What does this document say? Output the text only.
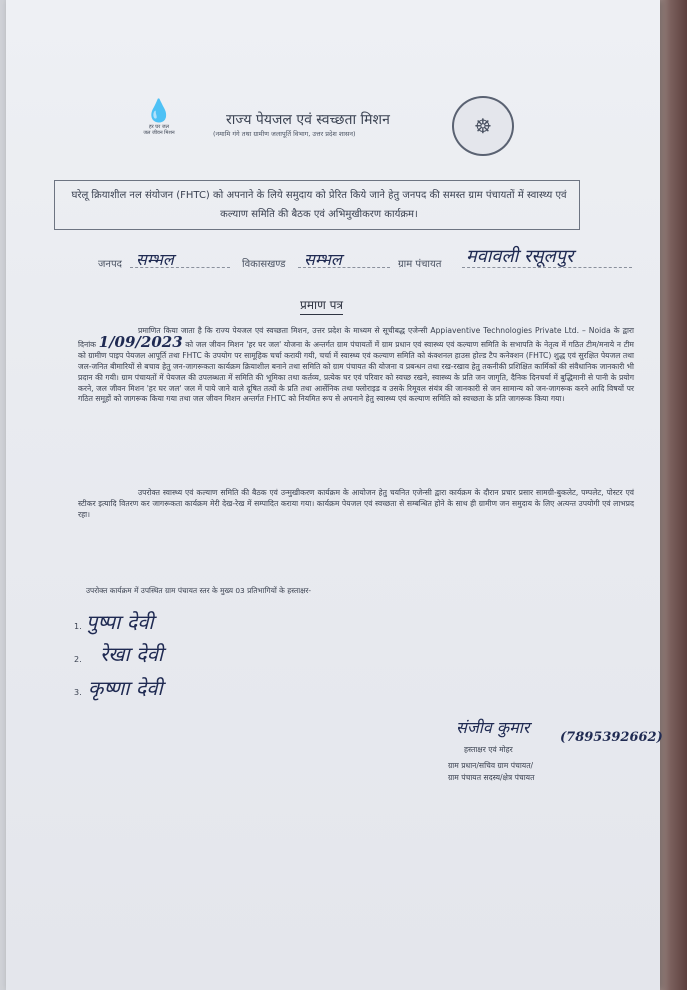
💧
हर घर जल
जल जीवन मिशन
राज्य पेयजल एवं स्वच्छता मिशन
(नमामि गंगे तथा ग्रामीण जलापूर्ति विभाग, उत्तर प्रदेश शासन)	☸

घरेलू क्रियाशील नल संयोजन (FHTC) को अपनाने के लिये समुदाय को प्रेरित किये जाने हेतु जनपद की समस्त ग्राम पंचायतों में स्वास्थ्य एवं कल्याण समिति की बैठक एवं अभिमुखीकरण कार्यक्रम।

जनपद सम्भल	विकासखण्ड सम्भल	ग्राम पंचायत मवावली रसूलपुर
प्रमाण पत्र
प्रमाणित किया जाता है कि राज्य पेयजल एवं स्वच्छता मिशन, उत्तर प्रदेश के माध्यम से सूचीबद्ध एजेन्सी Appiaventive Technologies Private Ltd. – Noida के द्वारा दिनांक 1/09/2023 को जल जीवन मिशन 'हर घर जल' योजना के अन्तर्गत ग्राम पंचायतों में ग्राम प्रधान एवं स्वास्थ्य एवं कल्याण समिति के सभापति के नेतृत्व में गठित टीम/मनाये न टीम को ग्रामीण पाइप पेयजल आपूर्ति तथा FHTC के उपयोग पर सामूहिक चर्चा करायी गयी, चर्चा में स्वास्थ्य एवं कल्याण समिति को कंक्शनल हाउस होल्ड टैप कनेक्शन (FHTC) शुद्ध एवं सुरक्षित पेयजल तथा जल-जनित बीमारियों से बचाव हेतु जन-जागरूकता कार्यक्रम क्रियाशील बनाने तथा समिति को ग्राम पंचायत की योजना व प्रबन्धन तथा रख-रखाव हेतु तकनीकी प्रशिक्षित कार्मिकों की संवैधानिक जानकारी भी प्रदान की गयी। ग्राम पंचायतों में पेयजल की उपलब्धता में समिति की भूमिका तथा कर्तव्य, प्रत्येक घर एवं परिवार को स्वच्छ रखने, स्वास्थ्य के प्रति जन जागृति, दैनिक दिनचर्या में बुद्धिमानी से पानी के प्रयोग करने, जल जीवन मिशन 'हर घर जल' जल में पाये जाने वाले दूषित तत्वों के प्रति तथा आर्सेनिक तथा फ्लोराइड व उसके रिमूवल संयंत्र की जानकारी से जन सामान्य को जन-जागरूक करने आदि विषयों पर गठित समूहों को जागरूक किया गया तथा जल जीवन मिशन अन्तर्गत FHTC को नियमित रूप से अपनाने हेतु स्वास्थ्य एवं कल्याण समिति को स्वच्छता के प्रति जागरूक किया गया।
उपरोक्त स्वास्थ्य एवं कल्याण समिति की बैठक एवं उन्मुखीकरण कार्यक्रम के आयोजन हेतु चयनित एजेन्सी द्वारा कार्यक्रम के दौरान प्रचार प्रसार सामग्री-बुकलेट, पम्पलेट, पोस्टर एवं स्टीकर इत्यादि वितरण कर जागरूकता कार्यक्रम मेरी देख-रेख में सम्पादित कराया गया। कार्यक्रम पेयजल एवं स्वच्छता से सम्बन्धित होने के साथ ही ग्रामीण जन समुदाय के लिए अत्यन्त उपयोगी एवं लाभप्रद रहा।
उपरोक्त कार्यक्रम में उपस्थित ग्राम पंचायत स्तर के मुख्य 03 प्रतिभागियों के हस्ताक्षर-
1. पुष्पा देवी
2. रेखा देवी
3. कृष्णा देवी
संजीव कुमार
(7895392662)
हस्ताक्षर एवं मोहर
ग्राम प्रधान/सचिव ग्राम पंचायत/
ग्राम पंचायत सदस्य/क्षेत्र पंचायत
